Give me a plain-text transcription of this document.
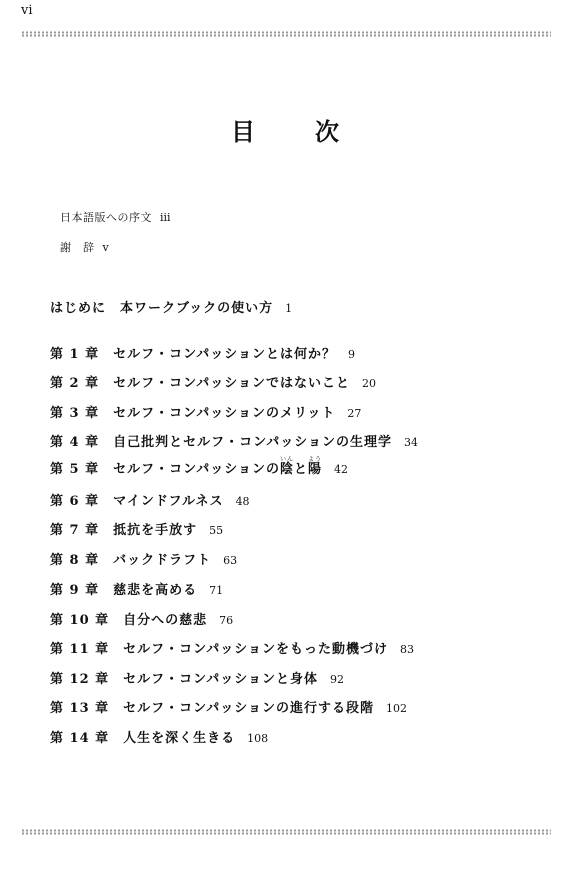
vi
目　次
日本語版への序文 iii
謝　辞 v
はじめに　本ワークブックの使い方 1
第 1 章 セルフ・コンパッションとは何か？ 9
第 2 章 セルフ・コンパッションではないこと 20
第 3 章 セルフ・コンパッションのメリット 27
第 4 章 自己批判とセルフ・コンパッションの生理学 34
第 5 章 セルフ・コンパッションの陰いんと陽よう42
第 6 章 マインドフルネス 48
第 7 章 抵抗を手放す 55
第 8 章 バックドラフト 63
第 9 章 慈悲を高める 71
第 10 章 自分への慈悲 76
第 11 章 セルフ・コンパッションをもった動機づけ 83
第 12 章 セルフ・コンパッションと身体 92
第 13 章 セルフ・コンパッションの進行する段階 102
第 14 章 人生を深く生きる 108
